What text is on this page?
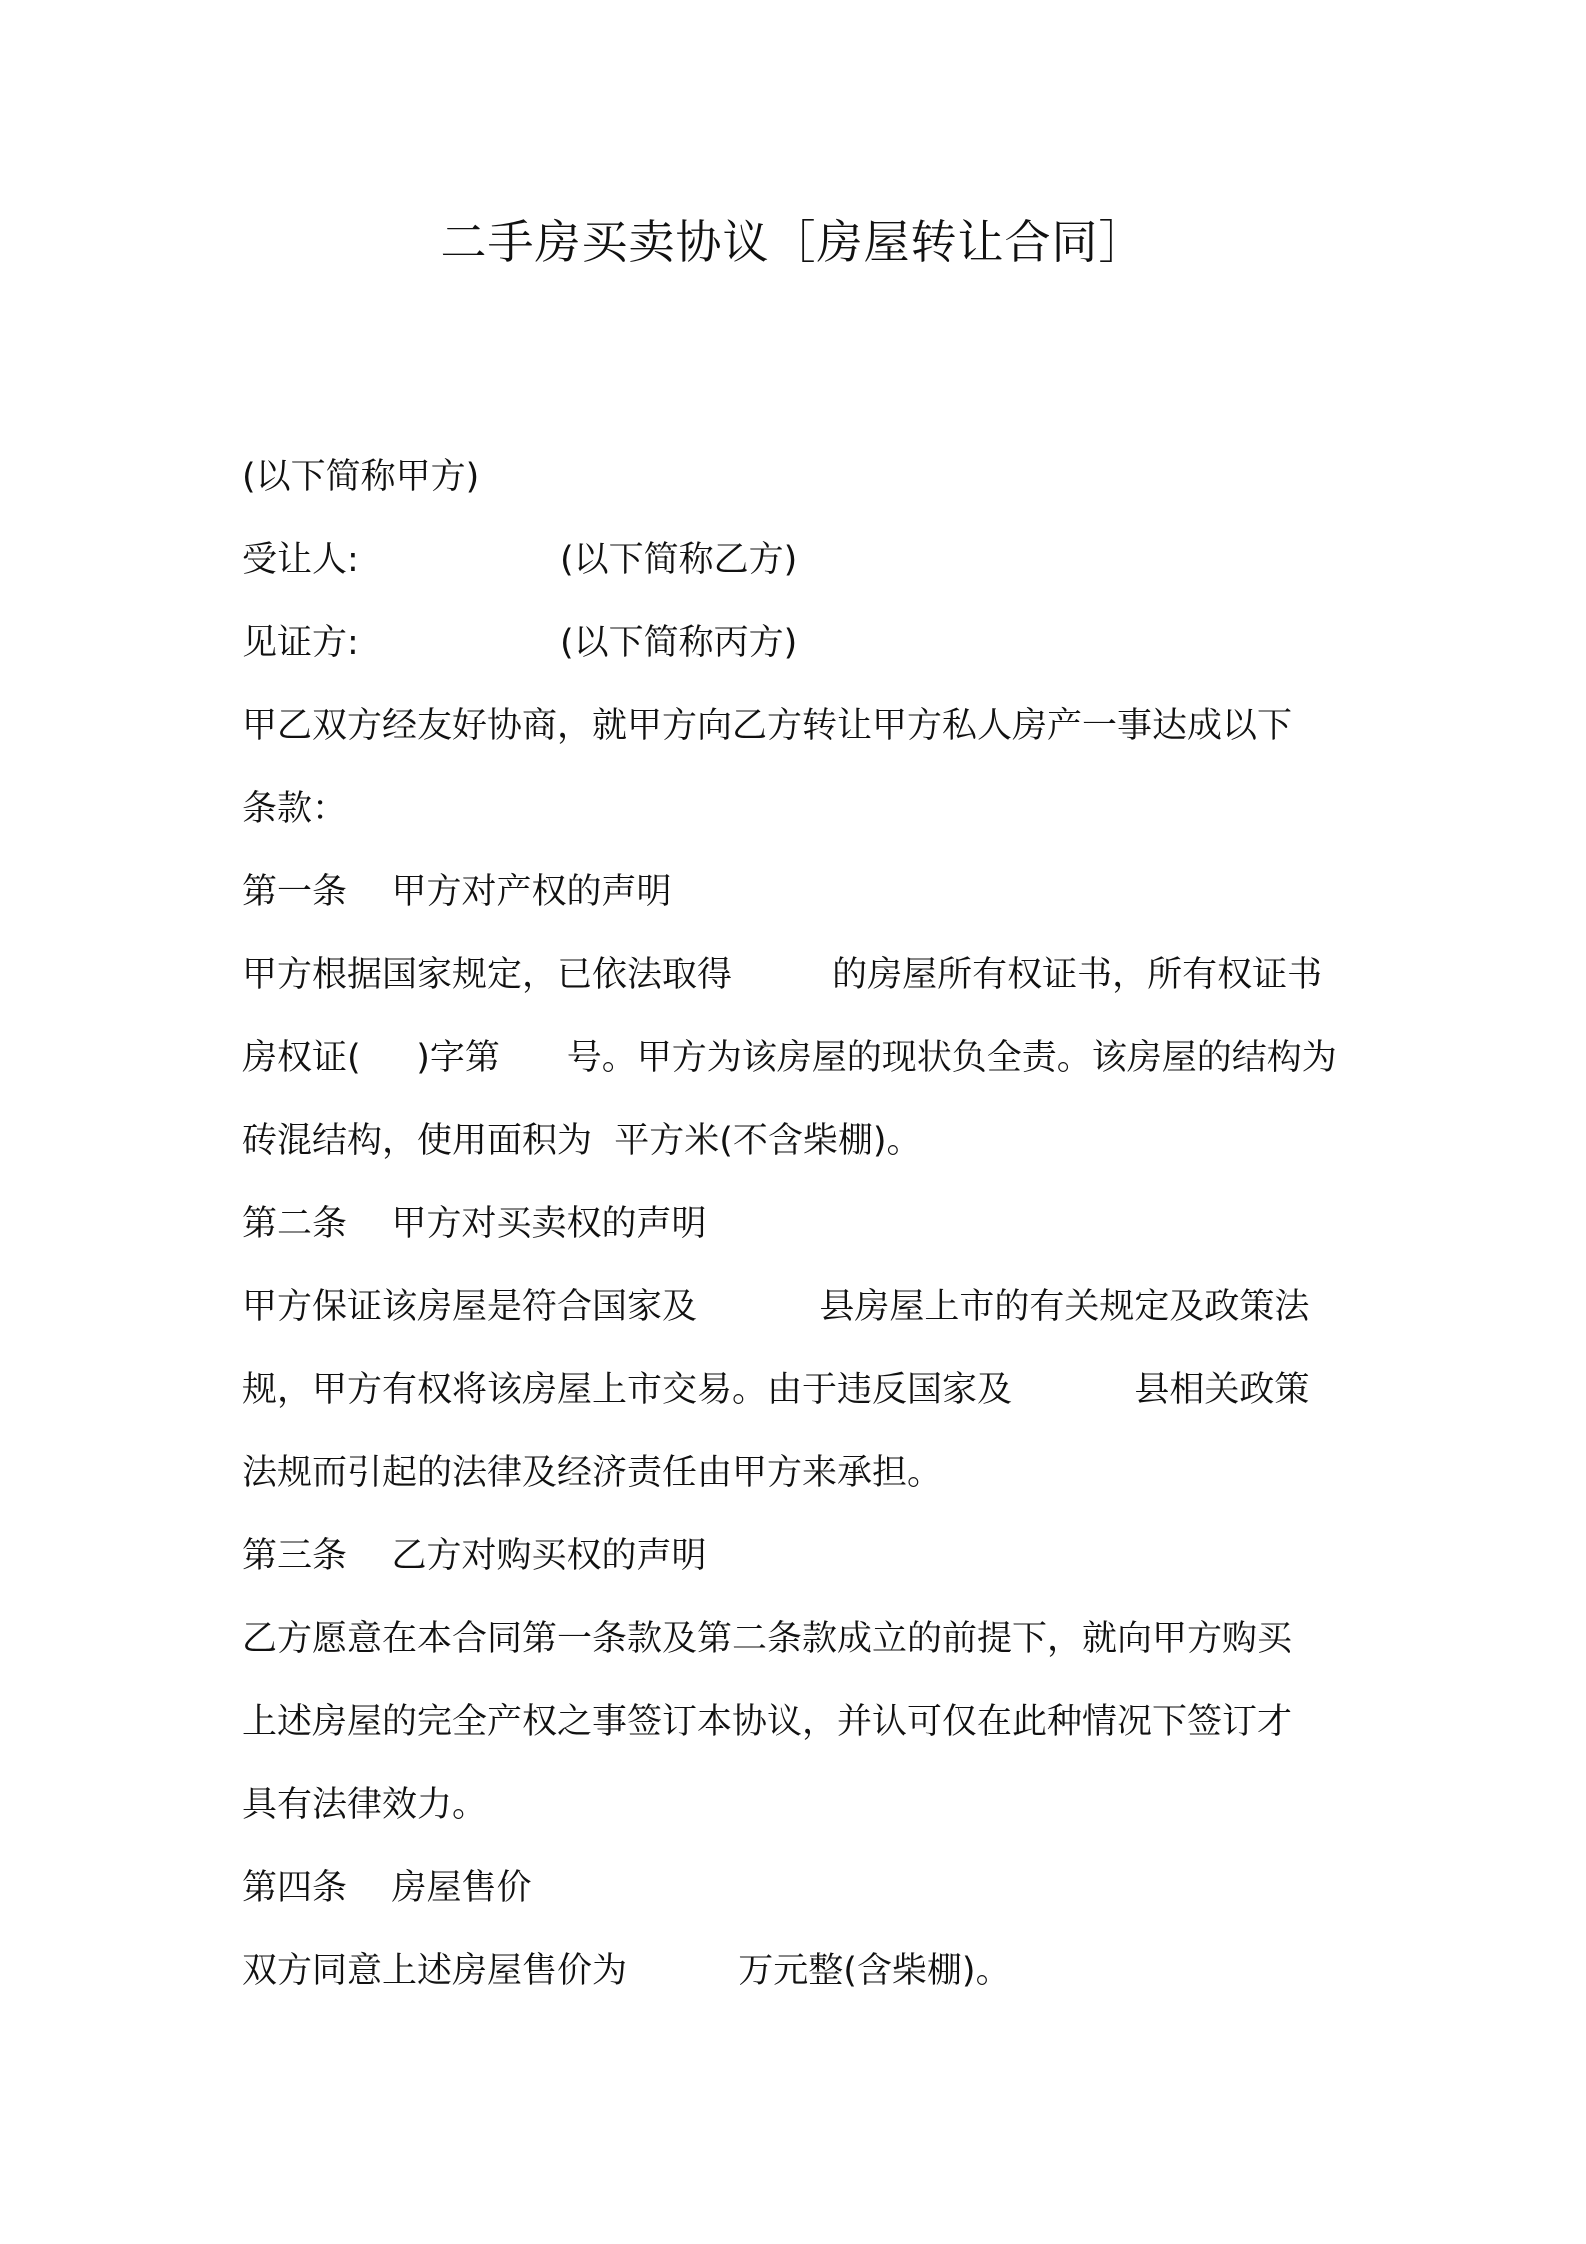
二手房买卖协议［房屋转让合同］
(以下简称甲方)
受让人:	(以下简称乙方)
见证方:	(以下简称丙方)
甲乙双方经友好协商，就甲方向乙方转让甲方私人房产一事达成以下
条款：
第一条    甲方对产权的声明
甲方根据国家规定，已依法取得         的房屋所有权证书，所有权证书
房权证(     )字第      号。甲方为该房屋的现状负全责。该房屋的结构为
砖混结构，使用面积为  平方米(不含柴棚)。
第二条    甲方对买卖权的声明
甲方保证该房屋是符合国家及           县房屋上市的有关规定及政策法
规，甲方有权将该房屋上市交易。由于违反国家及           县相关政策
法规而引起的法律及经济责任由甲方来承担。
第三条    乙方对购买权的声明
乙方愿意在本合同第一条款及第二条款成立的前提下，就向甲方购买
上述房屋的完全产权之事签订本协议，并认可仅在此种情况下签订才
具有法律效力。
第四条    房屋售价
双方同意上述房屋售价为          万元整(含柴棚)。
